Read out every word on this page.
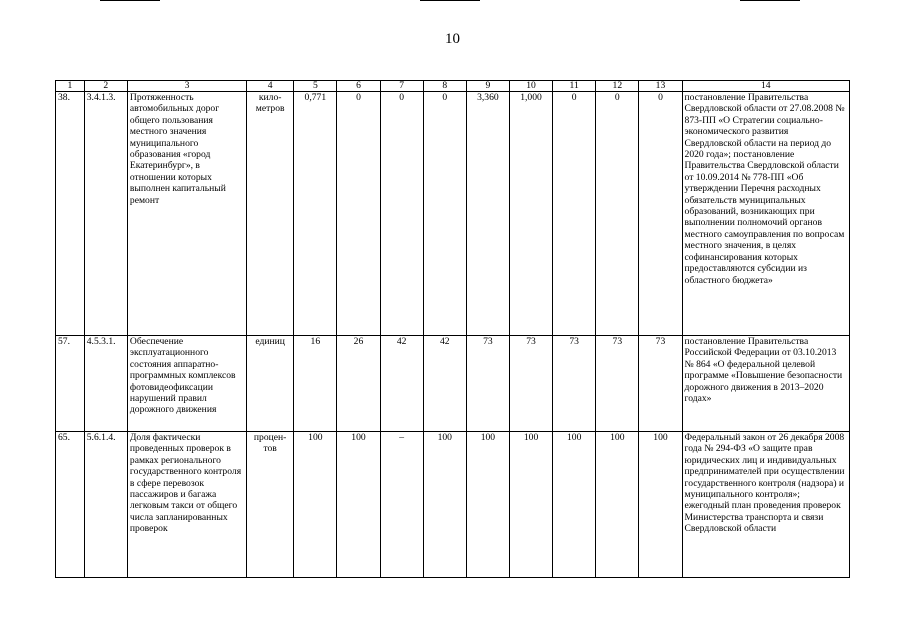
10
1	2	3	4	5	6	7	8	9	10	11	12	13	14
38.	3.4.1.3.	Протяженность автомобильных дорог общего пользования местного значения муниципального образования «город Екатеринбург», в отношении которых выполнен капитальный ремонт	кило- метров	0,771	0	0	0	3,360	1,000	0	0	0	постановление Правительства Свердловской области от 27.08.2008 № 873-ПП «О Стратегии социально-экономического развития Свердловской области на период до 2020 года»; постановление Правительства Свердловской области от 10.09.2014 № 778-ПП «Об утверждении Перечня расходных обязательств муниципальных образований, возникающих при выполнении полномочий органов местного самоуправления по вопросам местного значения, в целях софинансирования которых предоставляются субсидии из областного бюджета»
57.	4.5.3.1.	Обеспечение эксплуатационного состояния аппаратно-программных комплексов фотовидеофиксации нарушений правил дорожного движения	единиц	16	26	42	42	73	73	73	73	73	постановление Правительства Российской Федерации от 03.10.2013 № 864 «О федеральной целевой программе «Повышение безопасности дорожного движения в 2013–2020 годах»
65.	5.6.1.4.	Доля фактически проведенных проверок в рамках регионального государственного контроля в сфере перевозок пассажиров и багажа легковым такси от общего числа запланированных проверок	процен- тов	100	100	–	100	100	100	100	100	100	Федеральный закон от 26 декабря 2008 года № 294-ФЗ «О защите прав юридических лиц и индивидуальных предпринимателей при осуществлении государственного контроля (надзора) и муниципального контроля»; ежегодный план проведения проверок Министерства транспорта и связи Свердловской области
